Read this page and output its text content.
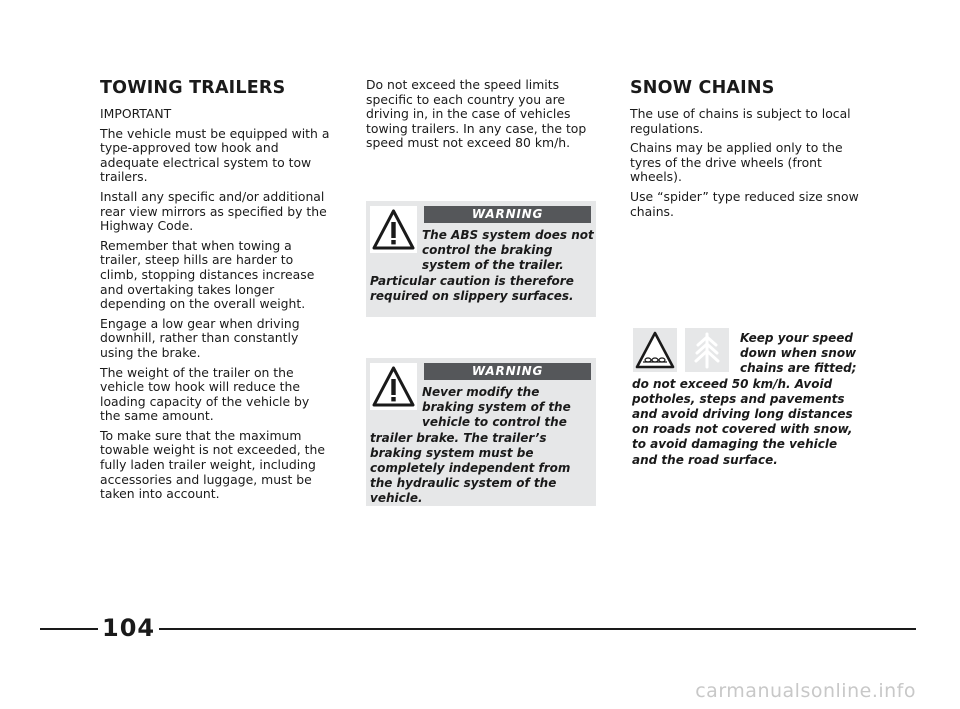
TOWING TRAILERS

IMPORTANT

The vehicle must be equipped with a type-approved tow hook and adequate electrical system to tow trailers.

Install any specific and/or additional rear view mirrors as specified by the Highway Code.

Remember that when towing a trailer, steep hills are harder to climb, stopping distances increase and overtaking takes longer depending on the overall weight.

Engage a low gear when driving downhill, rather than constantly using the brake.

The weight of the trailer on the vehicle tow hook will reduce the loading capacity of the vehicle by the same amount.

To make sure that the maximum towable weight is not exceeded, the fully laden trailer weight, including accessories and luggage, must be taken into account.

Do not exceed the speed limits specific to each country you are driving in, in the case of vehicles towing trailers. In any case, the top speed must not exceed 80 km/h.

WARNING

The ABS system does not control the braking system of the trailer. Particular caution is therefore required on slippery surfaces.

WARNING

Never modify the braking system of the vehicle to control the trailer brake. The trailer’s braking system must be completely independent from the hydraulic system of the vehicle.

SNOW CHAINS

The use of chains is subject to local regulations.

Chains may be applied only to the tyres of the drive wheels (front wheels).

Use “spider” type reduced size snow chains.

Keep your speed down when snow chains are fitted; do not exceed 50 km/h. Avoid potholes, steps and pavements and avoid driving long distances on roads not covered with snow, to avoid damaging the vehicle and the road surface.

104
carmanualsonline.info
